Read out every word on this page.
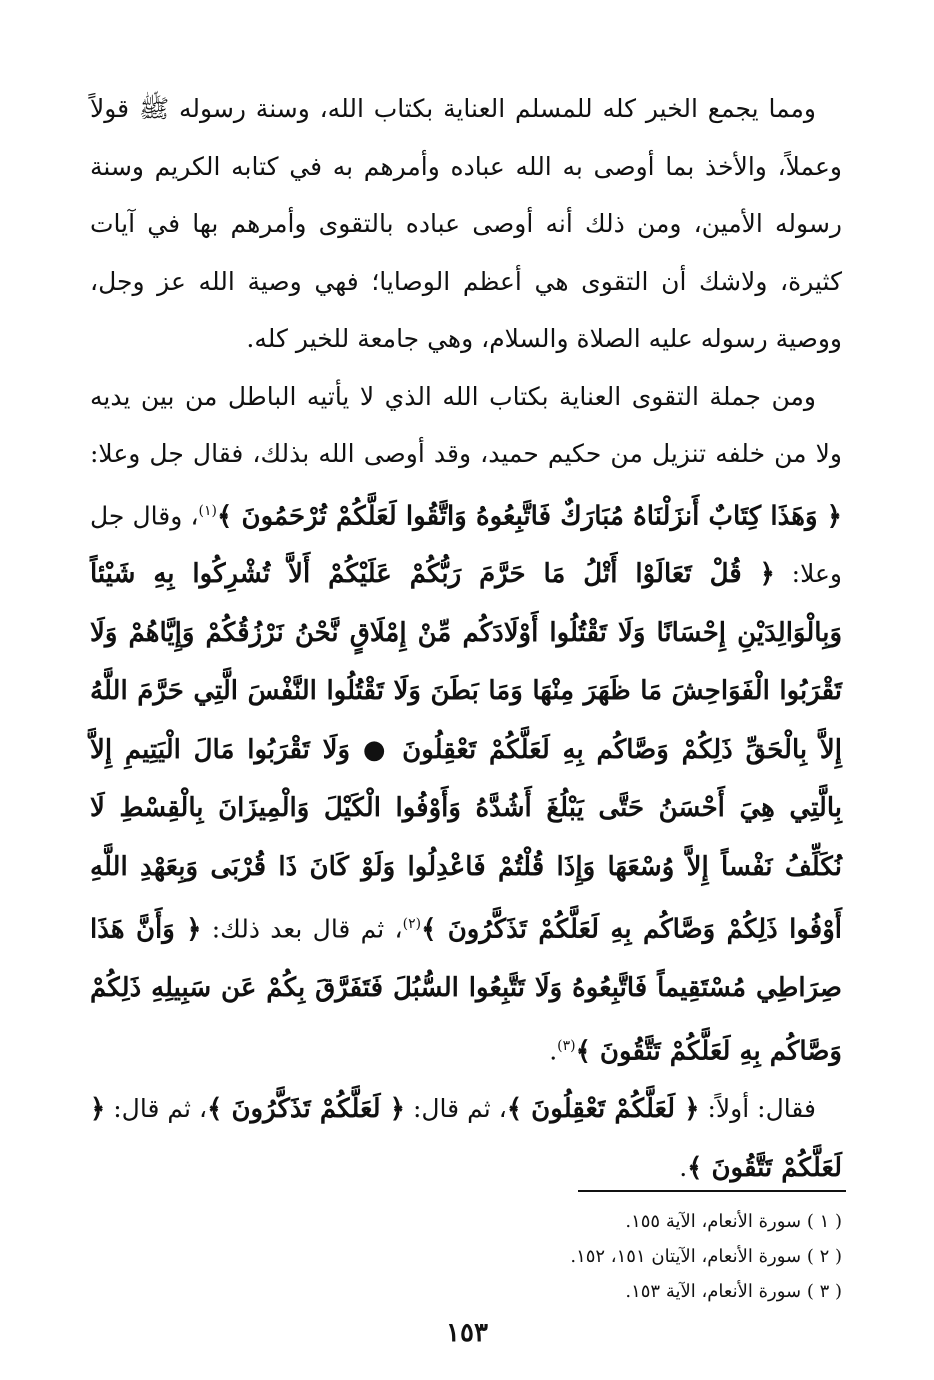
ومما يجمع الخير كله للمسلم العناية بكتاب الله، وسنة رسوله ﷺ قولاً وعملاً، والأخذ بما أوصى به الله عباده وأمرهم به في كتابه الكريم وسنة رسوله الأمين، ومن ذلك أنه أوصى عباده بالتقوى وأمرهم بها في آيات كثيرة، ولاشك أن التقوى هي أعظم الوصايا؛ فهي وصية الله عز وجل، ووصية رسوله عليه الصلاة والسلام، وهي جامعة للخير كله.

ومن جملة التقوى العناية بكتاب الله الذي لا يأتيه الباطل من بين يديه ولا من خلفه تنزيل من حكيم حميد، وقد أوصى الله بذلك، فقال جل وعلا: ﴿ وَهَذَا كِتَابٌ أَنزَلْنَاهُ مُبَارَكٌ فَاتَّبِعُوهُ وَاتَّقُوا لَعَلَّكُمْ تُرْحَمُونَ ﴾$^{(١)}$، وقال جل وعلا: ﴿ قُلْ تَعَالَوْا أَتْلُ مَا حَرَّمَ رَبُّكُمْ عَلَيْكُمْ أَلاَّ تُشْرِكُوا بِهِ شَيْئاً وَبِالْوَالِدَيْنِ إِحْسَانًا وَلَا تَقْتُلُوا أَوْلَادَكُم مِّنْ إِمْلَاقٍ نَّحْنُ نَرْزُقُكُمْ وَإِيَّاهُمْ وَلَا تَقْرَبُوا الْفَوَاحِشَ مَا ظَهَرَ مِنْهَا وَمَا بَطَنَ وَلَا تَقْتُلُوا النَّفْسَ الَّتِي حَرَّمَ اللَّهُ إِلاَّ بِالْحَقِّ ذَلِكُمْ وَصَّاكُم بِهِ لَعَلَّكُمْ تَعْقِلُونَ ● وَلَا تَقْرَبُوا مَالَ الْيَتِيمِ إِلاَّ بِالَّتِي هِيَ أَحْسَنُ حَتَّى يَبْلُغَ أَشُدَّهُ وَأَوْفُوا الْكَيْلَ وَالْمِيزَانَ بِالْقِسْطِ لَا نُكَلِّفُ نَفْساً إِلاَّ وُسْعَهَا وَإِذَا قُلْتُمْ فَاعْدِلُوا وَلَوْ كَانَ ذَا قُرْبَى وَبِعَهْدِ اللَّهِ أَوْفُوا ذَلِكُمْ وَصَّاكُم بِهِ لَعَلَّكُمْ تَذَكَّرُونَ ﴾$^{(٢)}$، ثم قال بعد ذلك: ﴿ وَأَنَّ هَذَا صِرَاطِي مُسْتَقِيماً فَاتَّبِعُوهُ وَلَا تَتَّبِعُوا السُّبُلَ فَتَفَرَّقَ بِكُمْ عَن سَبِيلِهِ ذَلِكُمْ وَصَّاكُم بِهِ لَعَلَّكُمْ تَتَّقُونَ ﴾$^{(٣)}$.

فقال: أولاً: ﴿ لَعَلَّكُمْ تَعْقِلُونَ ﴾، ثم قال: ﴿ لَعَلَّكُمْ تَذَكَّرُونَ ﴾، ثم قال: ﴿ لَعَلَّكُمْ تَتَّقُونَ ﴾.

( ١ ) سورة الأنعام، الآية ١٥٥.

( ٢ ) سورة الأنعام، الآيتان ١٥١، ١٥٢.

( ٣ ) سورة الأنعام، الآية ١٥٣.

١٥٣
